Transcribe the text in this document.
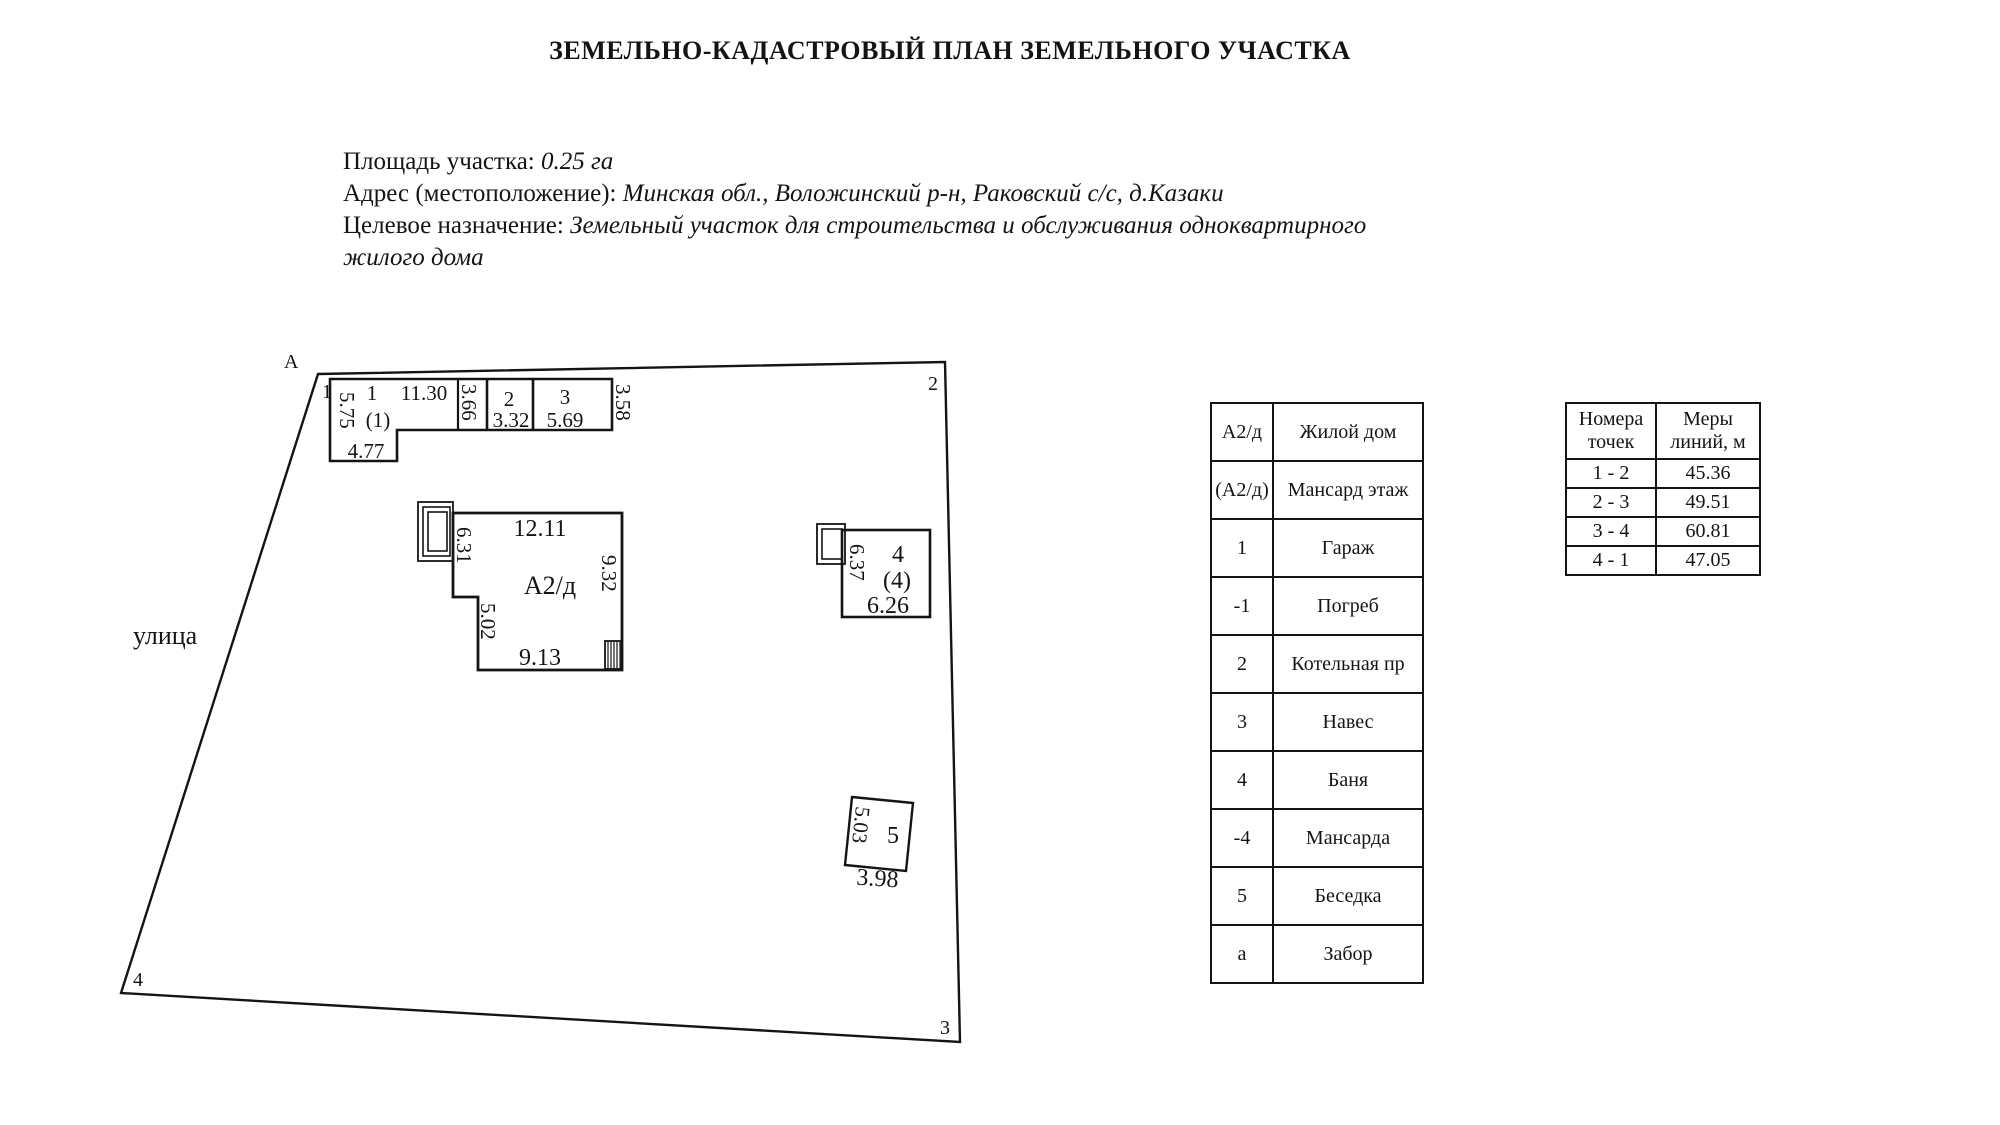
ЗЕМЕЛЬНО-КАДАСТРОВЫЙ ПЛАН ЗЕМЕЛЬНОГО УЧАСТКА
Площадь участка: 0.25 га
Адрес (местоположение): Минская обл., Воложинский р-н, Раковский с/с, д.Казаки
Целевое назначение: Земельный участок для строительства и обслуживания одноквартирного
жилого дома
А
1	2
3
4
улица
1 11.30
(1)
5.75
4.77
3.66 2
3.32
3
5.69 3.58
12.11
А2/д
6.31
9.32
5.02
9.13
4
(4)
6.37
6.26
5
5.03
3.98
А2/д	Жилой дом
(А2/д)	Мансард этаж
1	Гараж
-1	Погреб
2	Котельная пр
3	Навес
4	Баня
-4	Мансарда
5	Беседка
а	Забор
Номера
точек	Меры
линий, м
1 - 2	45.36
2 - 3	49.51
3 - 4	60.81
4 - 1	47.05
